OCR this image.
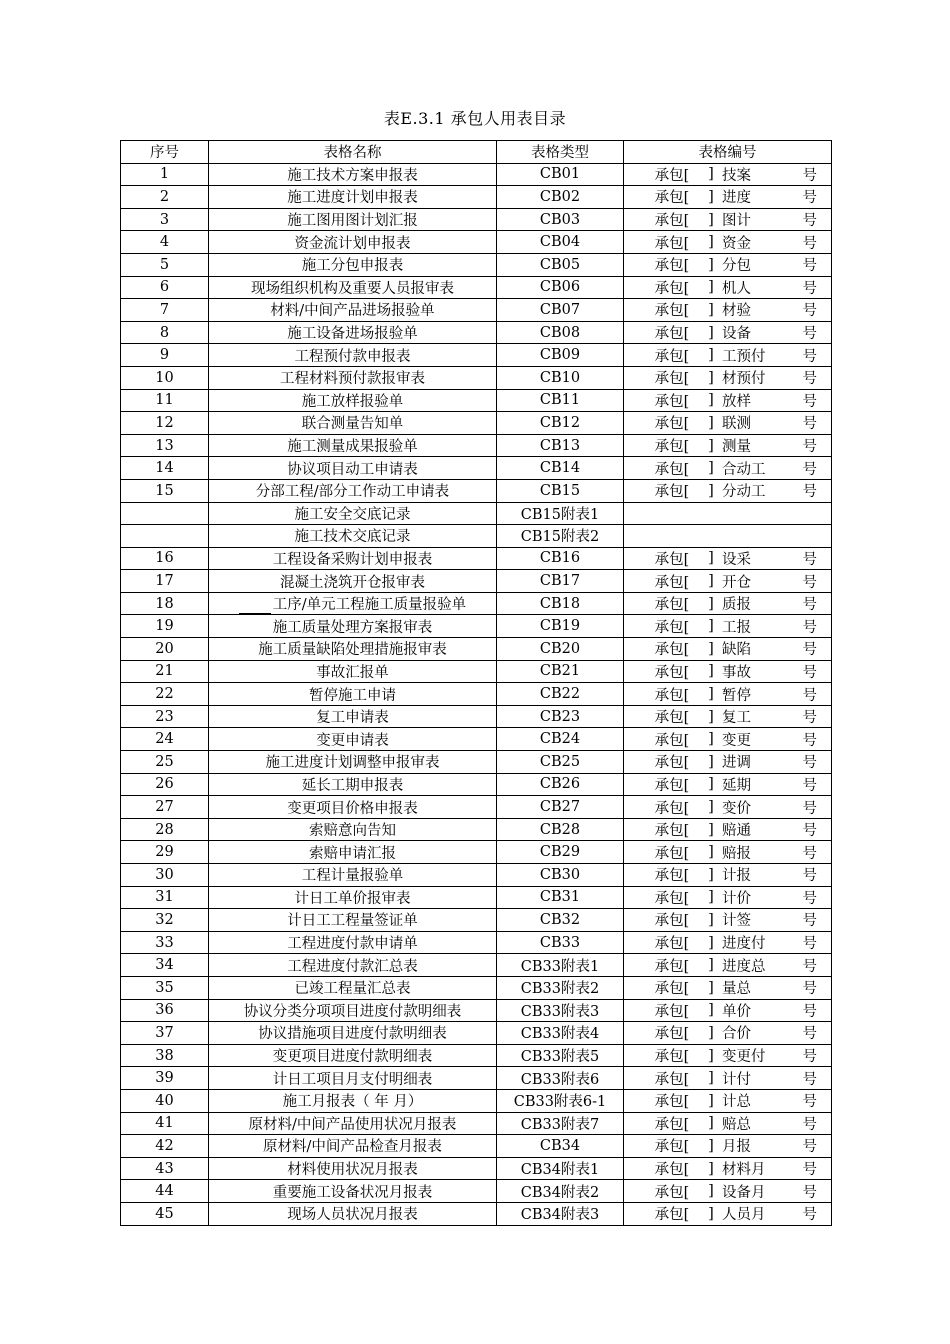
表E.3.1 承包人用表目录
序号	表格名称	表格类型	表格编号
1	施工技术方案申报表	CB01	承包[ ] 技案 号

2	施工进度计划申报表	CB02	承包[ ] 进度 号

3	施工图用图计划汇报	CB03	承包[ ] 图计 号

4	资金流计划申报表	CB04	承包[ ] 资金 号

5	施工分包申报表	CB05	承包[ ] 分包 号

6	现场组织机构及重要人员报审表	CB06	承包[ ] 机人 号

7	材料/中间产品进场报验单	CB07	承包[ ] 材验 号

8	施工设备进场报验单	CB08	承包[ ] 设备 号

9	工程预付款申报表	CB09	承包[ ] 工预付 号

10	工程材料预付款报审表	CB10	承包[ ] 材预付 号

11	施工放样报验单	CB11	承包[ ] 放样 号

12	联合测量告知单	CB12	承包[ ] 联测 号

13	施工测量成果报验单	CB13	承包[ ] 测量 号

14	协议项目动工申请表	CB14	承包[ ] 合动工 号

15	分部工程/部分工作动工申请表	CB15	承包[ ] 分动工 号

	施工安全交底记录	CB15附表1	
	施工技术交底记录	CB15附表2	
16	工程设备采购计划申报表	CB16	承包[ ] 设采 号

17	混凝土浇筑开仓报审表	CB17	承包[ ] 开仓 号

18	工序/单元工程施工质量报验单	CB18	承包[ ] 质报 号

19	施工质量处理方案报审表	CB19	承包[ ] 工报 号

20	施工质量缺陷处理措施报审表	CB20	承包[ ] 缺陷 号

21	事故汇报单	CB21	承包[ ] 事故 号

22	暂停施工申请	CB22	承包[ ] 暂停 号

23	复工申请表	CB23	承包[ ] 复工 号

24	变更申请表	CB24	承包[ ] 变更 号

25	施工进度计划调整申报审表	CB25	承包[ ] 进调 号

26	延长工期申报表	CB26	承包[ ] 延期 号

27	变更项目价格申报表	CB27	承包[ ] 变价 号

28	索赔意向告知	CB28	承包[ ] 赔通 号

29	索赔申请汇报	CB29	承包[ ] 赔报 号

30	工程计量报验单	CB30	承包[ ] 计报 号

31	计日工单价报审表	CB31	承包[ ] 计价 号

32	计日工工程量签证单	CB32	承包[ ] 计签 号

33	工程进度付款申请单	CB33	承包[ ] 进度付 号

34	工程进度付款汇总表	CB33附表1	承包[ ] 进度总 号

35	已竣工程量汇总表	CB33附表2	承包[ ] 量总 号

36	协议分类分项项目进度付款明细表	CB33附表3	承包[ ] 单价 号

37	协议措施项目进度付款明细表	CB33附表4	承包[ ] 合价 号

38	变更项目进度付款明细表	CB33附表5	承包[ ] 变更付 号

39	计日工项目月支付明细表	CB33附表6	承包[ ] 计付 号

40	施工月报表（ 年 月）	CB33附表6-1	承包[ ] 计总 号

41	原材料/中间产品使用状况月报表	CB33附表7	承包[ ] 赔总 号

42	原材料/中间产品检查月报表	CB34	承包[ ] 月报 号

43	材料使用状况月报表	CB34附表1	承包[ ] 材料月 号

44	重要施工设备状况月报表	CB34附表2	承包[ ] 设备月 号

45	现场人员状况月报表	CB34附表3	承包[ ] 人员月 号
